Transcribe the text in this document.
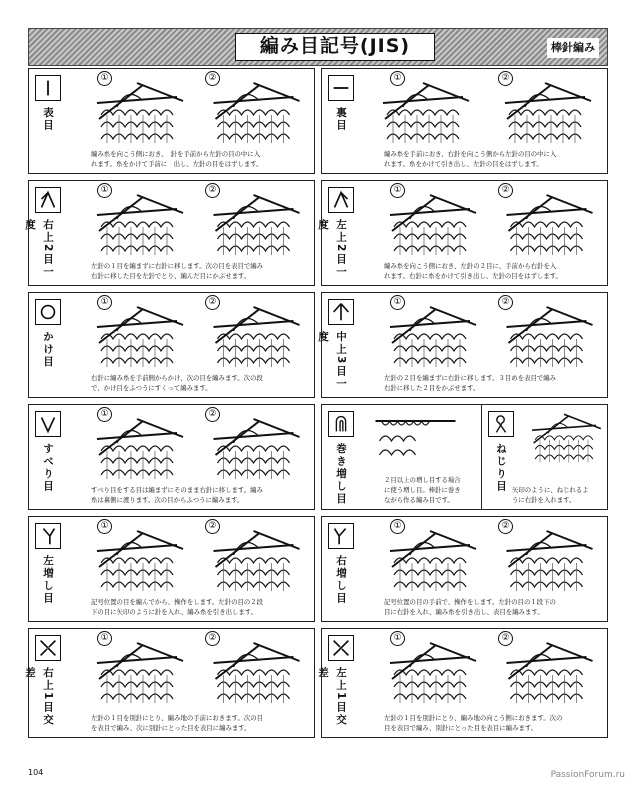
編み目記号(JIS)	棒針編み
表目
①	②
編み糸を向こう側におき、　針を手前から左針の目の中に入
れます。糸をかけて手前に　出し、左針の目をはずします。
裏目
①	②
編み糸を手前におき、右針を向こう側から左針の目の中に入
れます。糸をかけて引き出し、左針の目をはずします。
右上2目一度
①	②
左針の１目を編まずに右針に移します。次の目を表目で編み
右針に移した目を左針でとり、編んだ目にかぶせます。	左上2目一度
①	②
編み糸を向こう側におき、左針の２目に、手前から右針を入
れます。右針に糸をかけて引き出し、左針の目をはずします。
かけ目
①	②
右針に編み糸を手前側からかけ、次の目を編みます。次の段
で、かけ目をふつうにすくって編みます。	中上3目一度
①	②
左針の２目を編まずに右針に移します。３目めを表目で編み
右針に移した２目をかぶせます。
すべり目
①	②
すべり目をする目は編まずにそのまま右針に移します。編み
糸は裏側に渡ります。次の目からふつうに編みます。	巻き増し目	２目以上の増し目する場合
に使う増し目。棒針に巻き
ながら作る編み目です。
ねじり目 矢印のように、ねじれるよ
うに右針を入れます。
左増し目
①	②
記号位置の目を編んでから、操作をします。左針の目の２段
下の目に矢印のように針を入れ、編み糸を引き出します。
右増し目
①	②
記号位置の目の手前で、操作をします。左針の目の１段下の
目に右針を入れ、編み糸を引き出し、表目を編みます。
右上1目交差
①	②
左針の１目を別針にとり、編み地の手前におきます。次の目
を表目で編み、次に別針にとった目を表目に編みます。
左上1目交差
①	②
左針の１目を別針にとり、編み地の向こう側におきます。次の
目を表目で編み、別針にとった目を表目に編みます。
104	PassionForum.ru
